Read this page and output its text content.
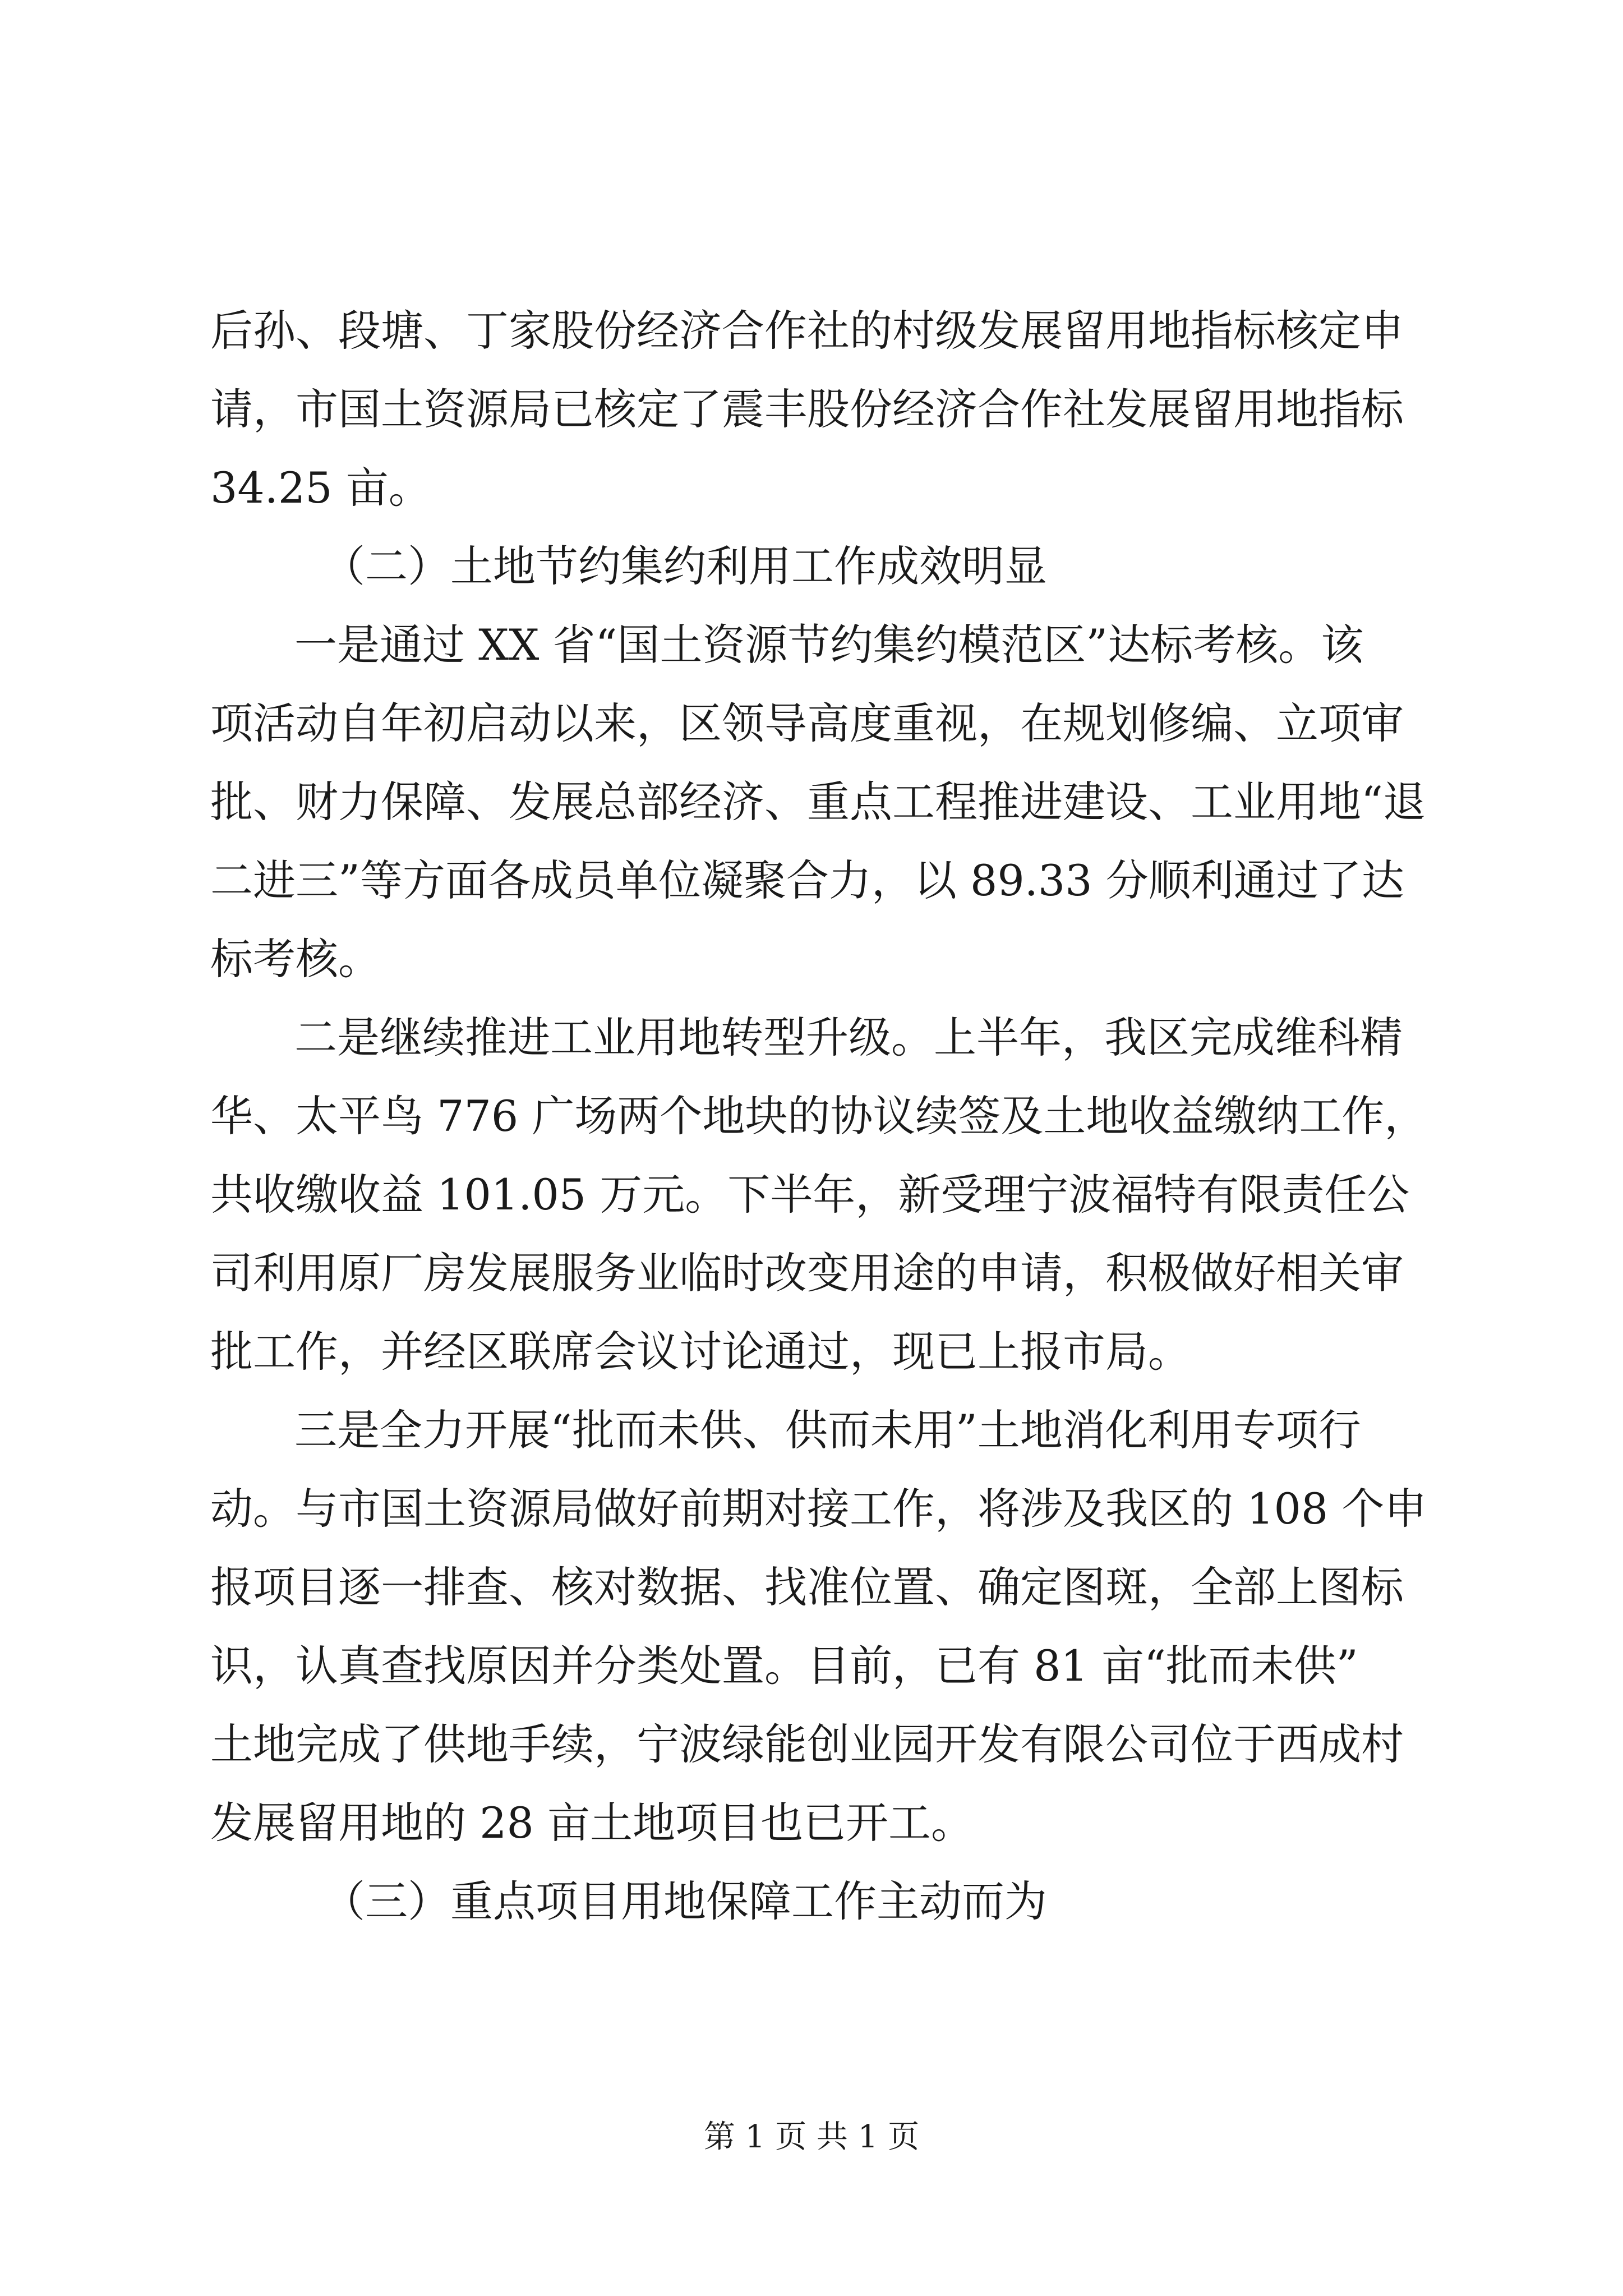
后孙、段塘、丁家股份经济合作社的村级发展留用地指标核定申
请，市国土资源局已核定了震丰股份经济合作社发展留用地指标
34.25 亩。
（二）土地节约集约利用工作成效明显
一是通过 XX 省“国土资源节约集约模范区”达标考核。该
项活动自年初启动以来，区领导高度重视，在规划修编、立项审
批、财力保障、发展总部经济、重点工程推进建设、工业用地“退
二进三”等方面各成员单位凝聚合力，以 89.33 分顺利通过了达
标考核。
二是继续推进工业用地转型升级。上半年，我区完成维科精
华、太平鸟 776 广场两个地块的协议续签及土地收益缴纳工作，
共收缴收益 101.05 万元。下半年，新受理宁波福特有限责任公
司利用原厂房发展服务业临时改变用途的申请，积极做好相关审
批工作，并经区联席会议讨论通过，现已上报市局。
三是全力开展“批而未供、供而未用”土地消化利用专项行
动。与市国土资源局做好前期对接工作，将涉及我区的 108 个申
报项目逐一排查、核对数据、找准位置、确定图斑，全部上图标
识，认真查找原因并分类处置。目前，已有 81 亩“批而未供”
土地完成了供地手续，宁波绿能创业园开发有限公司位于西成村
发展留用地的 28 亩土地项目也已开工。
（三）重点项目用地保障工作主动而为
第 1 页 共 1 页
